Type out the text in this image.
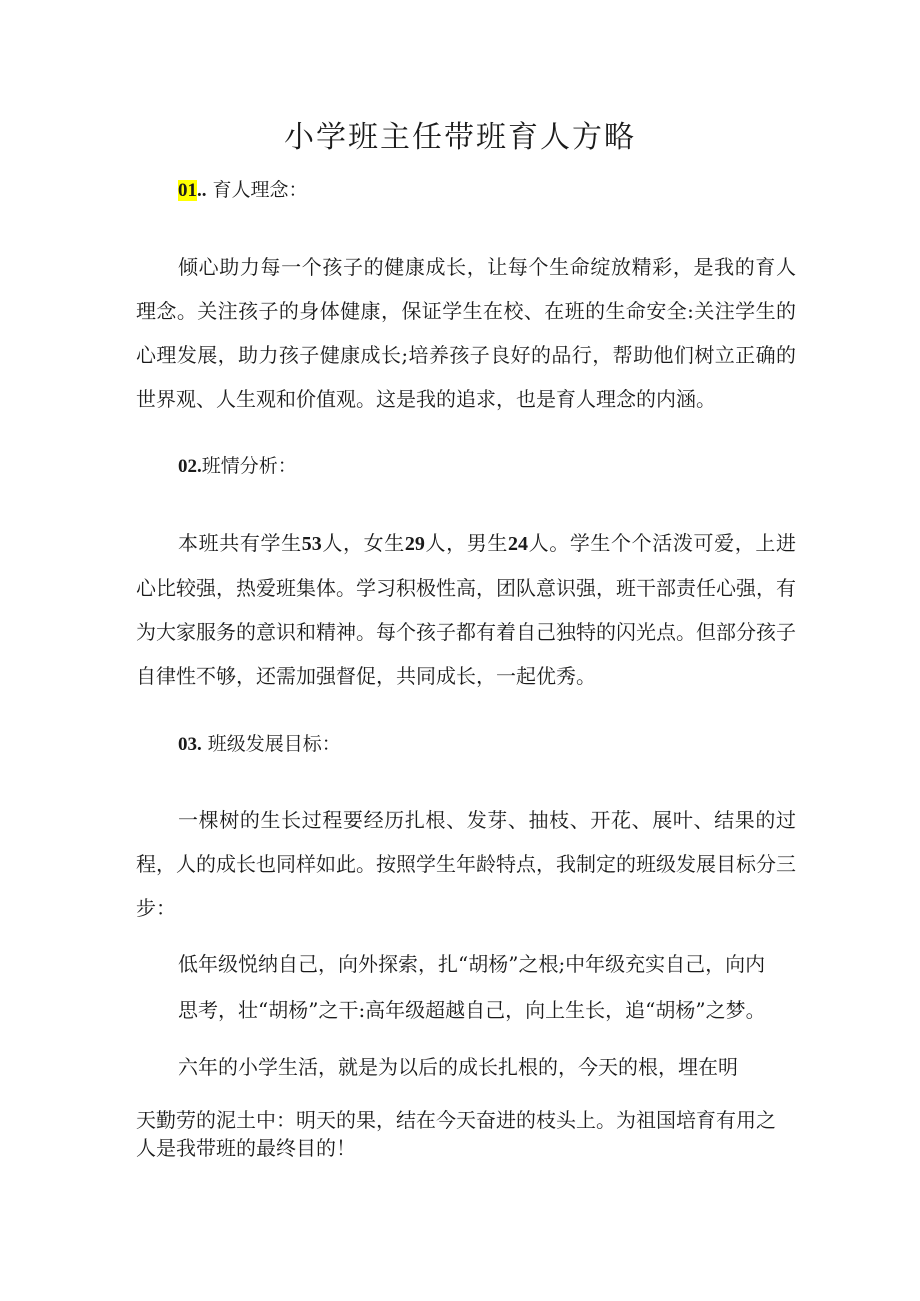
小学班主任带班育人方略
01.. 育人理念：
倾心助力每一个孩子的健康成长，让每个生命绽放精彩，是我的育人理念。关注孩子的身体健康，保证学生在校、在班的生命安全:关注学生的心理发展，助力孩子健康成长;培养孩子良好的品行，帮助他们树立正确的世界观、人生观和价值观。这是我的追求，也是育人理念的内涵。
02.班情分析：
本班共有学生53人，女生29人，男生24人。学生个个活泼可爱，上进心比较强，热爱班集体。学习积极性高，团队意识强，班干部责任心强，有为大家服务的意识和精神。每个孩子都有着自己独特的闪光点。但部分孩子自律性不够，还需加强督促，共同成长，一起优秀。
03. 班级发展目标：
一棵树的生长过程要经历扎根、发芽、抽枝、开花、展叶、结果的过程，人的成长也同样如此。按照学生年龄特点，我制定的班级发展目标分三步：
低年级悦纳自己，向外探索，扎“胡杨”之根;中年级充实自己，向内
思考，壮“胡杨”之干:高年级超越自己，向上生长，追“胡杨”之梦。
六年的小学生活，就是为以后的成长扎根的，今天的根，埋在明
天勤劳的泥土中：明天的果，结在今天奋进的枝头上。为祖国培育有用之
人是我带班的最终目的！
